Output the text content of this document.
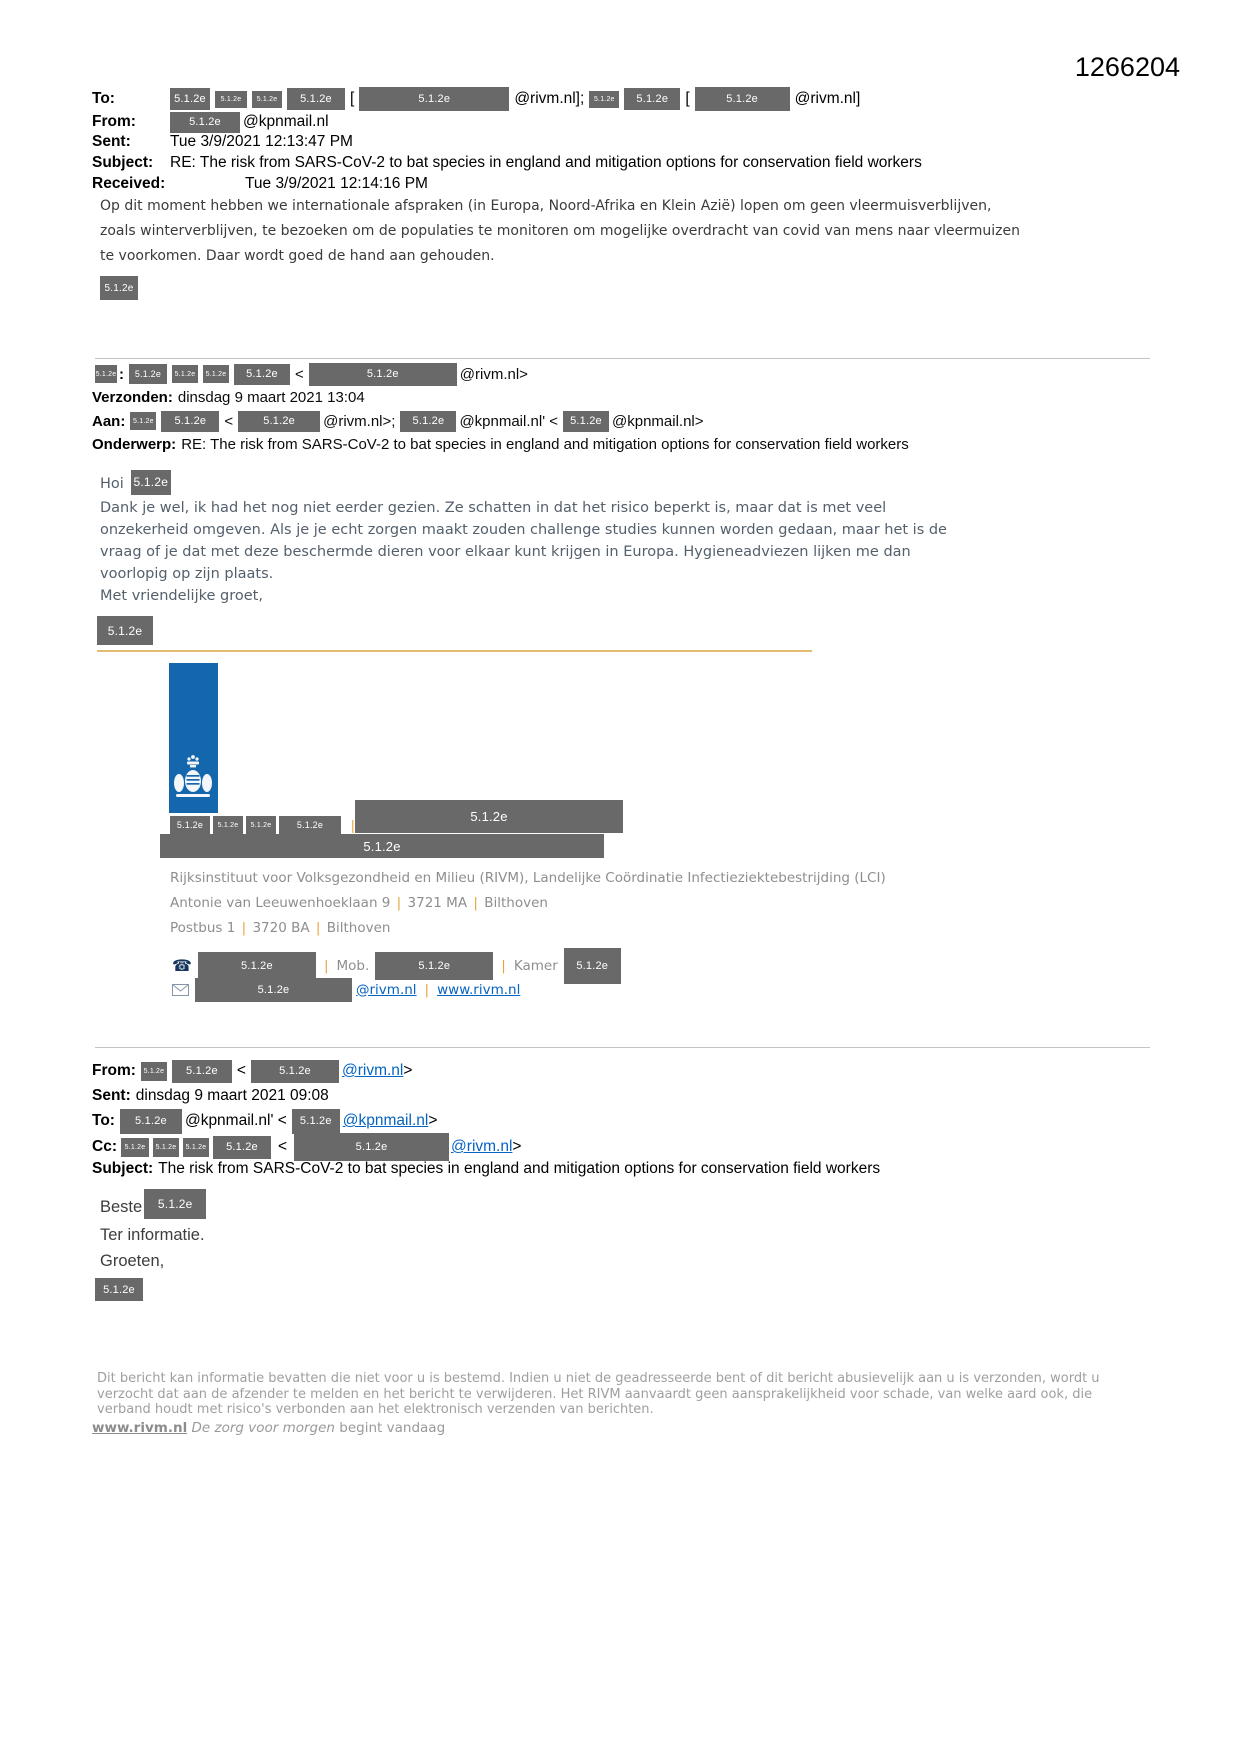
1266204
To:	5.1.2e	5.1.2e	5.1.2e	5.1.2e	[	5.1.2e	@rivm.nl];	5.1.2e	5.1.2e	[	5.1.2e	@rivm.nl]
From:	5.1.2e	@kpnmail.nl
Sent:	Tue 3/9/2021 12:13:47 PM
Subject:	RE: The risk from SARS-CoV-2 to bat species in england and mitigation options for conservation field workers
Received:	Tue 3/9/2021 12:14:16 PM
Op dit moment hebben we internationale afspraken (in Europa, Noord-Afrika en Klein Azië) lopen om geen vleermuisverblijven,
zoals winterverblijven, te bezoeken om de populaties te monitoren om mogelijke overdracht van covid van mens naar vleermuizen
te voorkomen. Daar wordt goed de hand aan gehouden.
5.1.2e
5.1.2e :	5.1.2e	5.1.2e	5.1.2e	5.1.2e	<	5.1.2e	@rivm.nl>
Verzonden: dinsdag 9 maart 2021 13:04
Aan:	5.1.2e	5.1.2e	<	5.1.2e	@rivm.nl>;	5.1.2e	@kpnmail.nl' <	5.1.2e @kpnmail.nl>
Onderwerp: RE: The risk from SARS-CoV-2 to bat species in england and mitigation options for conservation field workers
Hoi 5.1.2e
Dank je wel, ik had het nog niet eerder gezien. Ze schatten in dat het risico beperkt is, maar dat is met veel
onzekerheid omgeven. Als je je echt zorgen maakt zouden challenge studies kunnen worden gedaan, maar het is de
vraag of je dat met deze beschermde dieren voor elkaar kunt krijgen in Europa. Hygieneadviezen lijken me dan
voorlopig op zijn plaats.
Met vriendelijke groet,
5.1.2e
5.1.2e
5.1.2e	5.1.2e	5.1.2e	5.1.2e	|
5.1.2e
Rijksinstituut voor Volksgezondheid en Milieu (RIVM), Landelijke Coördinatie Infectieziektebestrijding (LCI)
Antonie van Leeuwenhoeklaan 9 | 3721 MA | Bilthoven
Postbus 1 | 3720 BA | Bilthoven
☎	5.1.2e	| Mob.	5.1.2e	| Kamer	5.1.2e
5.1.2e	@rivm.nl | www.rivm.nl
From:	5.1.2e	5.1.2e	<	5.1.2e	@rivm.nl >
Sent: dinsdag 9 maart 2021 09:08
To:	5.1.2e	@kpnmail.nl' <	5.1.2e @kpnmail.nl >
Cc:	5.1.2e	5.1.2e	5.1.2e	5.1.2e	<	5.1.2e	@rivm.nl >
Subject: The risk from SARS-CoV-2 to bat species in england and mitigation options for conservation field workers
Beste	5.1.2e
Ter informatie.
Groeten,
5.1.2e
Dit bericht kan informatie bevatten die niet voor u is bestemd. Indien u niet de geadresseerde bent of dit bericht abusievelijk aan u is verzonden, wordt u
verzocht dat aan de afzender te melden en het bericht te verwijderen. Het RIVM aanvaardt geen aansprakelijkheid voor schade, van welke aard ook, die
verband houdt met risico's verbonden aan het elektronisch verzenden van berichten.
www.rivm.nl De zorg voor morgen begint vandaag
